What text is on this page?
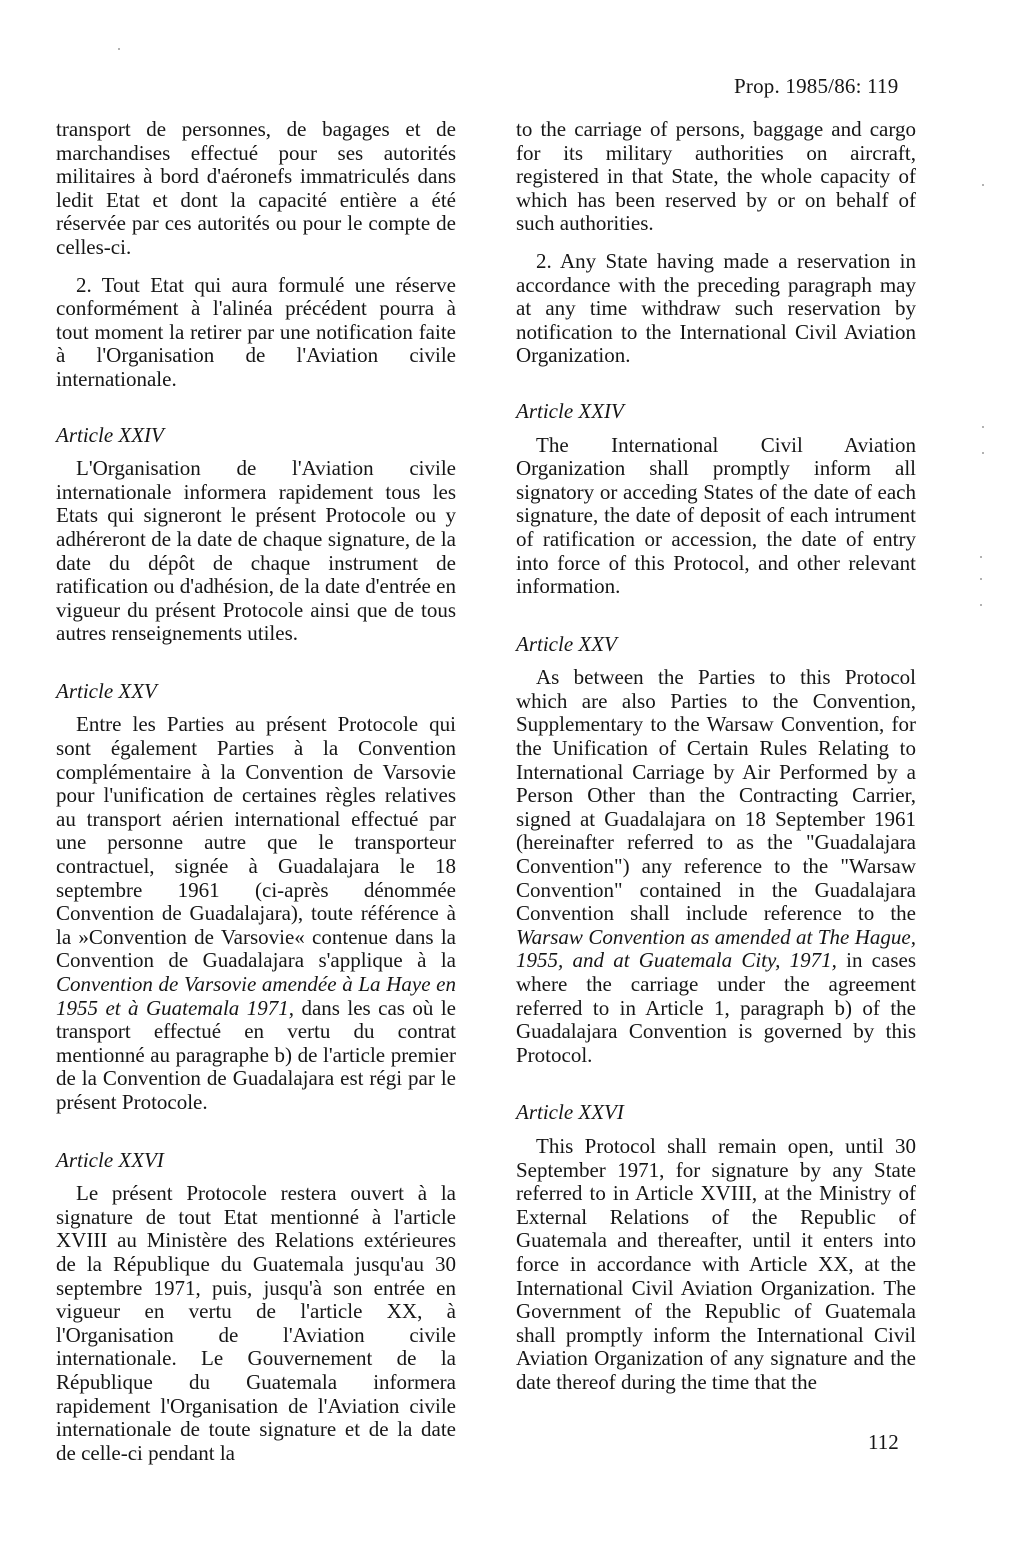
Prop. 1985/86: 119

transport de personnes, de bagages et de marchandises effectué pour ses autorités militaires à bord d'aéronefs immatriculés dans ledit Etat et dont la capacité entière a été réservée par ces autorités ou pour le compte de celles-ci.

2. Tout Etat qui aura formulé une réserve conformément à l'alinéa précédent pourra à tout moment la retirer par une notification faite à l'Organisation de l'Aviation civile internationale.

Article XXIV

L'Organisation de l'Aviation civile internationale informera rapidement tous les Etats qui signeront le présent Protocole ou y adhéreront de la date de chaque signature, de la date du dépôt de chaque instrument de ratification ou d'adhésion, de la date d'entrée en vigueur du présent Protocole ainsi que de tous autres renseignements utiles.

Article XXV

Entre les Parties au présent Protocole qui sont également Parties à la Convention complémentaire à la Convention de Varsovie pour l'unification de certaines règles relatives au transport aérien international effectué par une personne autre que le transporteur contractuel, signée à Guadalajara le 18 septembre 1961 (ci-après dénommée Convention de Guadalajara), toute référence à la »Convention de Varsovie« contenue dans la Convention de Guadalajara s'applique à la Convention de Varsovie amendée à La Haye en 1955 et à Guatemala 1971, dans les cas où le transport effectué en vertu du contrat mentionné au paragraphe b) de l'article premier de la Convention de Guadalajara est régi par le présent Protocole.

Article XXVI

Le présent Protocole restera ouvert à la signature de tout Etat mentionné à l'article XVIII au Ministère des Relations extérieures de la République du Guatemala jusqu'au 30 septembre 1971, puis, jusqu'à son entrée en vigueur en vertu de l'article XX, à l'Organisation de l'Aviation civile internationale. Le Gouvernement de la République du Guatemala informera rapidement l'Organisation de l'Aviation civile internationale de toute signature et de la date de celle-ci pendant la

to the carriage of persons, baggage and cargo for its military authorities on aircraft, registered in that State, the whole capacity of which has been reserved by or on behalf of such authorities.

2. Any State having made a reservation in accordance with the preceding paragraph may at any time withdraw such reservation by notification to the International Civil Aviation Organization.

Article XXIV

The International Civil Aviation Organization shall promptly inform all signatory or acceding States of the date of each signature, the date of deposit of each intrument of ratification or accession, the date of entry into force of this Protocol, and other relevant information.

Article XXV

As between the Parties to this Protocol which are also Parties to the Convention, Supplementary to the Warsaw Convention, for the Unification of Certain Rules Relating to International Carriage by Air Performed by a Person Other than the Contracting Carrier, signed at Guadalajara on 18 September 1961 (hereinafter referred to as the "Guadalajara Convention") any reference to the "Warsaw Convention" contained in the Guadalajara Convention shall include reference to the Warsaw Convention as amended at The Hague, 1955, and at Guatemala City, 1971, in cases where the carriage under the agreement referred to in Article 1, paragraph b) of the Guadalajara Convention is governed by this Protocol.

Article XXVI

This Protocol shall remain open, until 30 September 1971, for signature by any State referred to in Article XVIII, at the Ministry of External Relations of the Republic of Guatemala and thereafter, until it enters into force in accordance with Article XX, at the International Civil Aviation Organization. The Government of the Republic of Guatemala shall promptly inform the International Civil Aviation Organization of any signature and the date thereof during the time that the

112
